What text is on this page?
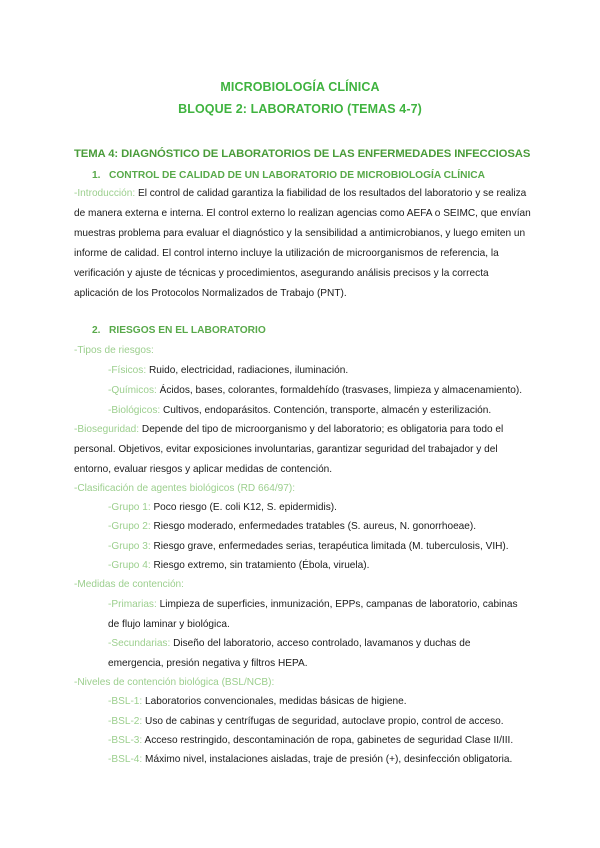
MICROBIOLOGÍA CLÍNICA
BLOQUE 2: LABORATORIO (TEMAS 4-7)
TEMA 4: DIAGNÓSTICO DE LABORATORIOS DE LAS ENFERMEDADES INFECCIOSAS
1. CONTROL DE CALIDAD DE UN LABORATORIO DE MICROBIOLOGÍA CLÍNICA
-Introducción: El control de calidad garantiza la fiabilidad de los resultados del laboratorio y se realiza de manera externa e interna. El control externo lo realizan agencias como AEFA o SEIMC, que envían muestras problema para evaluar el diagnóstico y la sensibilidad a antimicrobianos, y luego emiten un informe de calidad. El control interno incluye la utilización de microorganismos de referencia, la verificación y ajuste de técnicas y procedimientos, asegurando análisis precisos y la correcta aplicación de los Protocolos Normalizados de Trabajo (PNT).
2. RIESGOS EN EL LABORATORIO
-Tipos de riesgos:
-Físicos: Ruido, electricidad, radiaciones, iluminación.
-Químicos: Ácidos, bases, colorantes, formaldehído (trasvases, limpieza y almacenamiento).
-Biológicos: Cultivos, endoparásitos. Contención, transporte, almacén y esterilización.
-Bioseguridad: Depende del tipo de microorganismo y del laboratorio; es obligatoria para todo el personal. Objetivos, evitar exposiciones involuntarias, garantizar seguridad del trabajador y del entorno, evaluar riesgos y aplicar medidas de contención.
-Clasificación de agentes biológicos (RD 664/97):
-Grupo 1: Poco riesgo (E. coli K12, S. epidermidis).
-Grupo 2: Riesgo moderado, enfermedades tratables (S. aureus, N. gonorrhoeae).
-Grupo 3: Riesgo grave, enfermedades serias, terapéutica limitada (M. tuberculosis, VIH).
-Grupo 4: Riesgo extremo, sin tratamiento (Ébola, viruela).
-Medidas de contención:
-Primarias: Limpieza de superficies, inmunización, EPPs, campanas de laboratorio, cabinas de flujo laminar y biológica.
-Secundarias: Diseño del laboratorio, acceso controlado, lavamanos y duchas de emergencia, presión negativa y filtros HEPA.
-Niveles de contención biológica (BSL/NCB):
-BSL-1: Laboratorios convencionales, medidas básicas de higiene.
-BSL-2: Uso de cabinas y centrífugas de seguridad, autoclave propio, control de acceso.
-BSL-3: Acceso restringido, descontaminación de ropa, gabinetes de seguridad Clase II/III.
-BSL-4: Máximo nivel, instalaciones aisladas, traje de presión (+), desinfección obligatoria.
